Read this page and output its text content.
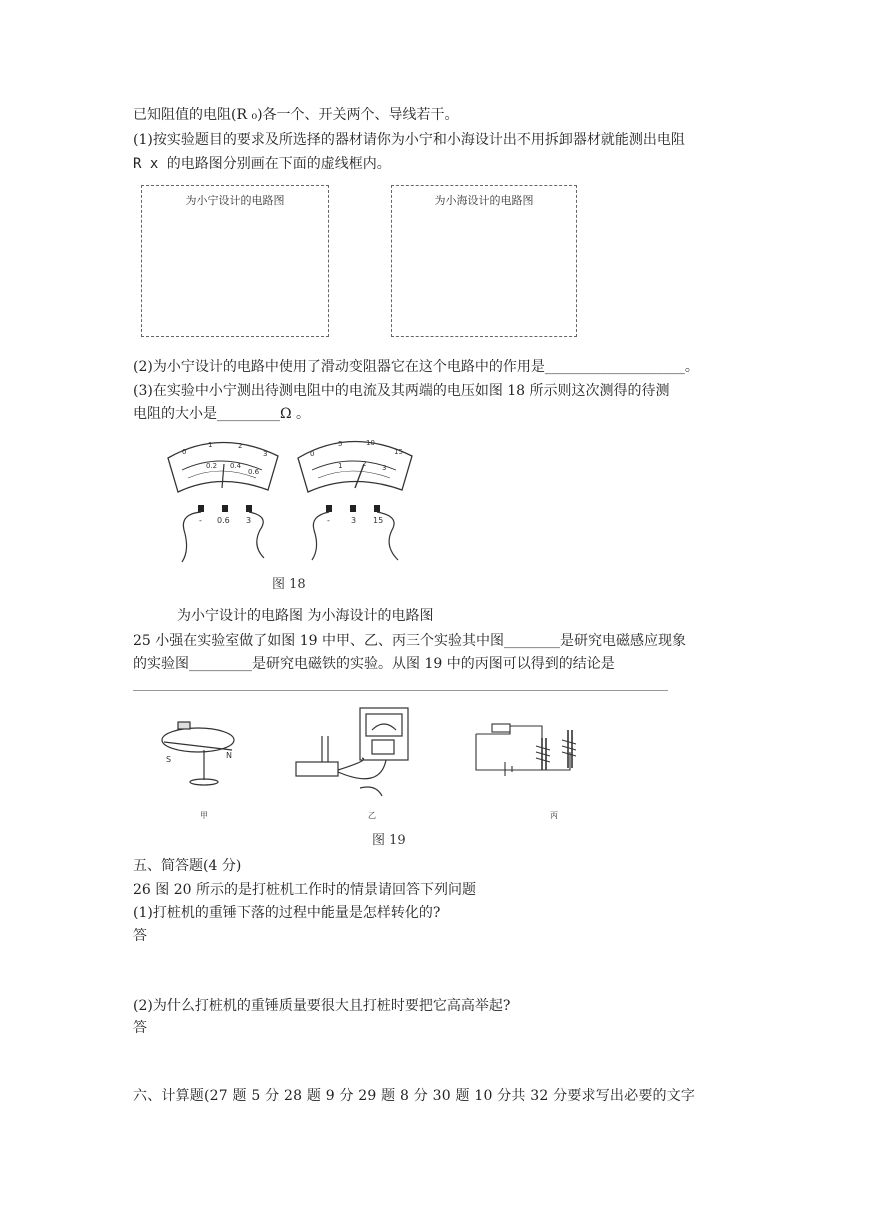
已知阻值的电阻(R ₀)各一个、开关两个、导线若干。
(1)按实验题目的要求及所选择的器材请你为小宁和小海设计出不用拆卸器材就能测出电阻
R x 的电路图分别画在下面的虚线框内。
为小宁设计的电路图	为小海设计的电路图
(2)为小宁设计的电路中使用了滑动变阻器它在这个电路中的作用是____________________。
(3)在实验中小宁测出待测电阻中的电流及其两端的电压如图 18 所示则这次测得的待测
电阻的大小是_________Ω 。
0
1	2
3
0.2 0.4
0.6
0
5	10
15
1	2 3
- 0.6 3	-	3 15
图 18
为小宁设计的电路图 为小海设计的电路图
25 小强在实验室做了如图 19 中甲、乙、丙三个实验其中图________是研究电磁感应现象
的实验图_________是研究电磁铁的实验。从图 19 中的丙图可以得到的结论是
S	N
甲	乙	丙
图 19
五、简答题(4 分)
26 图 20 所示的是打桩机工作时的情景请回答下列问题
(1)打桩机的重锤下落的过程中能量是怎样转化的?
答
(2)为什么打桩机的重锤质量要很大且打桩时要把它高高举起?
答
六、计算题(27 题 5 分 28 题 9 分 29 题 8 分 30 题 10 分共 32 分要求写出必要的文字
